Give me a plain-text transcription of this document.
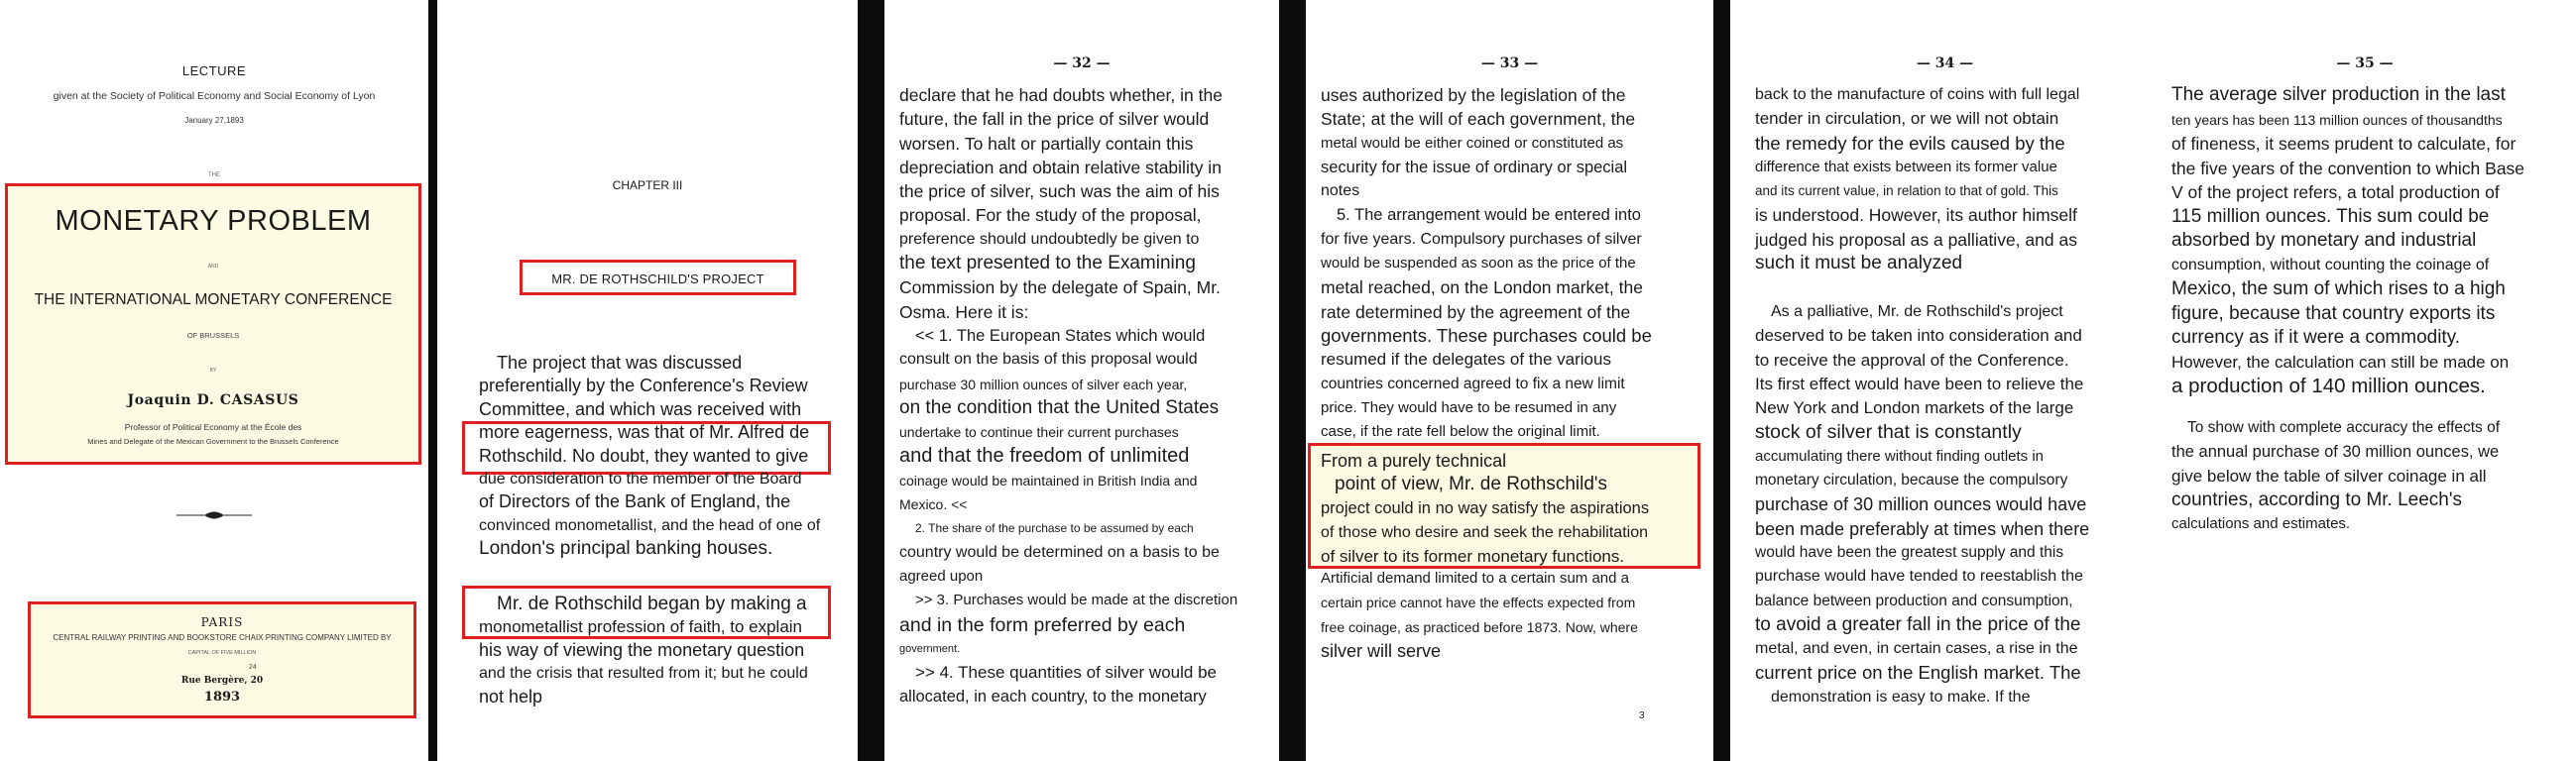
LECTURE
given at the Society of Political Economy and Social Economy of Lyon
January 27,1893
THE
MONETARY PROBLEM
AND
THE INTERNATIONAL MONETARY CONFERENCE
OF BRUSSELS
BY
Joaquin D. CASASUS
Professor of Political Economy at the École des
Mines and Delegate of the Mexican Government to the Brussels Conference
PARIS
CENTRAL RAILWAY PRINTING AND BOOKSTORE CHAIX PRINTING COMPANY LIMITED BY
CAPITAL OF FIVE MILLION
24
Rue Bergère, 20
1893
CHAPTER III
MR. DE ROTHSCHILD'S PROJECT
The project that was discussed
preferentially by the Conference's Review
Committee, and which was received with
more eagerness, was that of Mr. Alfred de
Rothschild. No doubt, they wanted to give
due consideration to the member of the Board
of Directors of the Bank of England, the
convinced monometallist, and the head of one of
London's principal banking houses.
Mr. de Rothschild began by making a
monometallist profession of faith, to explain
his way of viewing the monetary question
and the crisis that resulted from it; but he could
not help
— 32 —
declare that he had doubts whether, in the
future, the fall in the price of silver would
worsen. To halt or partially contain this
depreciation and obtain relative stability in
the price of silver, such was the aim of his
proposal. For the study of the proposal,
preference should undoubtedly be given to
the text presented to the Examining
Commission by the delegate of Spain, Mr.
Osma. Here it is:
<< 1. The European States which would
consult on the basis of this proposal would
purchase 30 million ounces of silver each year,
on the condition that the United States
undertake to continue their current purchases
and that the freedom of unlimited
coinage would be maintained in British India and
Mexico. <<
2. The share of the purchase to be assumed by each
country would be determined on a basis to be
agreed upon
>> 3. Purchases would be made at the discretion
and in the form preferred by each
government.
>> 4. These quantities of silver would be
allocated, in each country, to the monetary
— 33 —
uses authorized by the legislation of the
State; at the will of each government, the
metal would be either coined or constituted as
security for the issue of ordinary or special
notes
5. The arrangement would be entered into
for five years. Compulsory purchases of silver
would be suspended as soon as the price of the
metal reached, on the London market, the
rate determined by the agreement of the
governments. These purchases could be
resumed if the delegates of the various
countries concerned agreed to fix a new limit
price. They would have to be resumed in any
case, if the rate fell below the original limit.
From a purely technical
point of view, Mr. de Rothschild's
project could in no way satisfy the aspirations
of those who desire and seek the rehabilitation
of silver to its former monetary functions.
Artificial demand limited to a certain sum and a
certain price cannot have the effects expected from
free coinage, as practiced before 1873. Now, where
silver will serve
3
— 34 —
back to the manufacture of coins with full legal
tender in circulation, or we will not obtain
the remedy for the evils caused by the
difference that exists between its former value
and its current value, in relation to that of gold. This
is understood. However, its author himself
judged his proposal as a palliative, and as
such it must be analyzed
As a palliative, Mr. de Rothschild's project
deserved to be taken into consideration and
to receive the approval of the Conference.
Its first effect would have been to relieve the
New York and London markets of the large
stock of silver that is constantly
accumulating there without finding outlets in
monetary circulation, because the compulsory
purchase of 30 million ounces would have
been made preferably at times when there
would have been the greatest supply and this
purchase would have tended to reestablish the
balance between production and consumption,
to avoid a greater fall in the price of the
metal, and even, in certain cases, a rise in the
current price on the English market. The
demonstration is easy to make. If the
— 35 —
The average silver production in the last
ten years has been 113 million ounces of thousandths
of fineness, it seems prudent to calculate, for
the five years of the convention to which Base
V of the project refers, a total production of
115 million ounces. This sum could be
absorbed by monetary and industrial
consumption, without counting the coinage of
Mexico, the sum of which rises to a high
figure, because that country exports its
currency as if it were a commodity.
However, the calculation can still be made on
a production of 140 million ounces.
To show with complete accuracy the effects of
the annual purchase of 30 million ounces, we
give below the table of silver coinage in all
countries, according to Mr. Leech's
calculations and estimates.
